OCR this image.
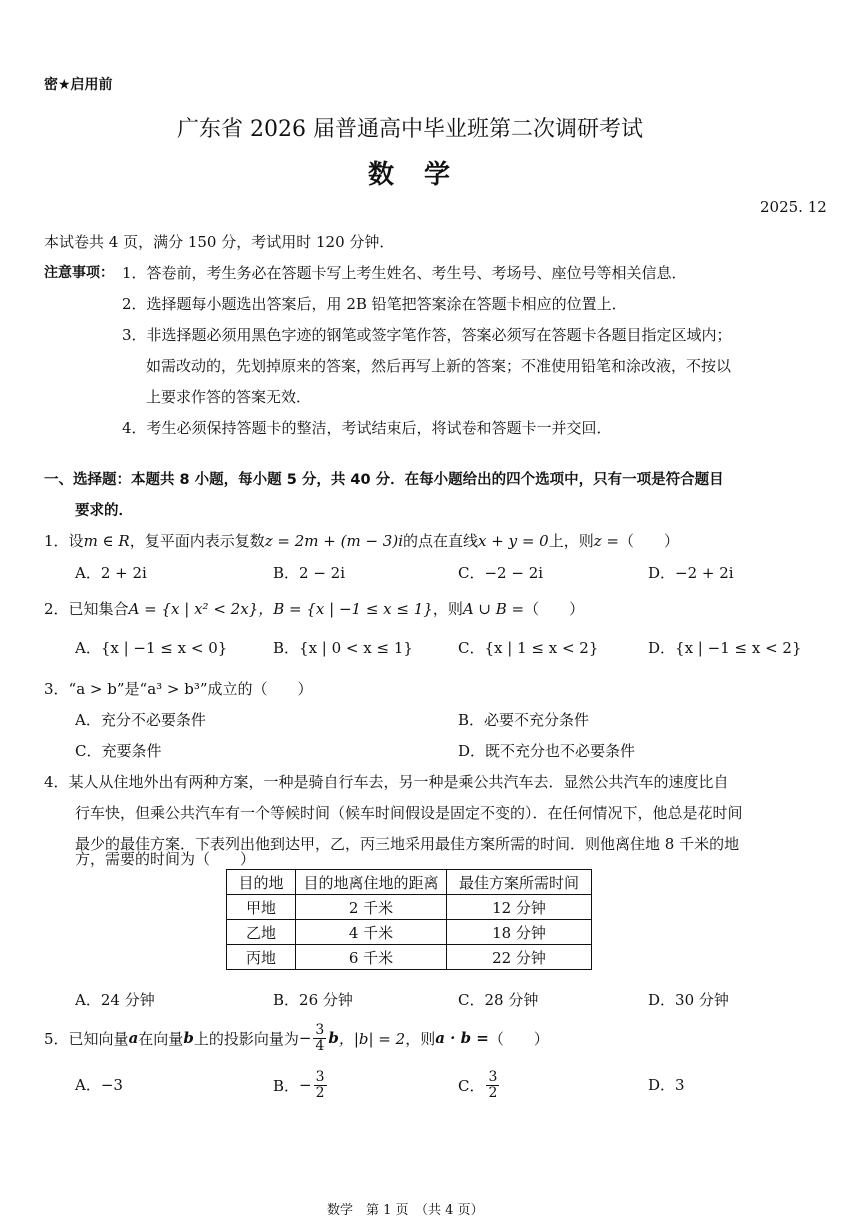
密★启用前
广东省 2026 届普通高中毕业班第二次调研考试
数学
2025. 12
本试卷共 4 页，满分 150 分，考试用时 120 分钟．
注意事项： 1．答卷前，考生务必在答题卡写上考生姓名、考生号、考场号、座位号等相关信息．
2．选择题每小题选出答案后，用 2B 铅笔把答案涂在答题卡相应的位置上．
3．非选择题必须用黑色字迹的钢笔或签字笔作答，答案必须写在答题卡各题目指定区域内；
如需改动的，先划掉原来的答案，然后再写上新的答案；不准使用铅笔和涂改液，不按以
上要求作答的答案无效．
4．考生必须保持答题卡的整洁，考试结束后，将试卷和答题卡一并交回．
一、选择题：本题共 8 小题，每小题 5 分，共 40 分．在每小题给出的四个选项中，只有一项是符合题目
要求的．
1．设m ∈ R，复平面内表示复数z = 2m + (m − 3)i的点在直线x + y = 0上，则z =（　　）
A．2 + 2i	B．2 − 2i	C．−2 − 2i	D．−2 + 2i
2．已知集合A = {x | x² < 2x}，B = {x | −1 ≤ x ≤ 1}，则A ∪ B =（　　）
A．{x | −1 ≤ x < 0}	B．{x | 0 < x ≤ 1}	C．{x | 1 ≤ x < 2}	D．{x | −1 ≤ x < 2}
3．“a > b”是“a³ > b³”成立的（　　）
A．充分不必要条件	B．必要不充分条件
C．充要条件	D．既不充分也不必要条件
4．某人从住地外出有两种方案，一种是骑自行车去，另一种是乘公共汽车去．显然公共汽车的速度比自
行车快，但乘公共汽车有一个等候时间（候车时间假设是固定不变的）．在任何情况下，他总是花时间
最少的最佳方案．下表列出他到达甲，乙，丙三地采用最佳方案所需的时间．则他离住地 8 千米的地
方，需要的时间为（　　）
目的地	目的地离住地的距离	最佳方案所需时间
甲地	2 千米	12 分钟
乙地	4 千米	18 分钟
丙地	6 千米	22 分钟
A．24 分钟	B．26 分钟	C．28 分钟	D．30 分钟
5． 已知向量 a 在向量 b 上的投影向量为 − $\frac{3}{4}$ b ，|b| = 2 ，则 a · b = （　　）
A．−3	B． − $\frac{3}{2}$	C． $\frac{3}{2}$	D．3
数学　第 1 页　（共 4 页）
